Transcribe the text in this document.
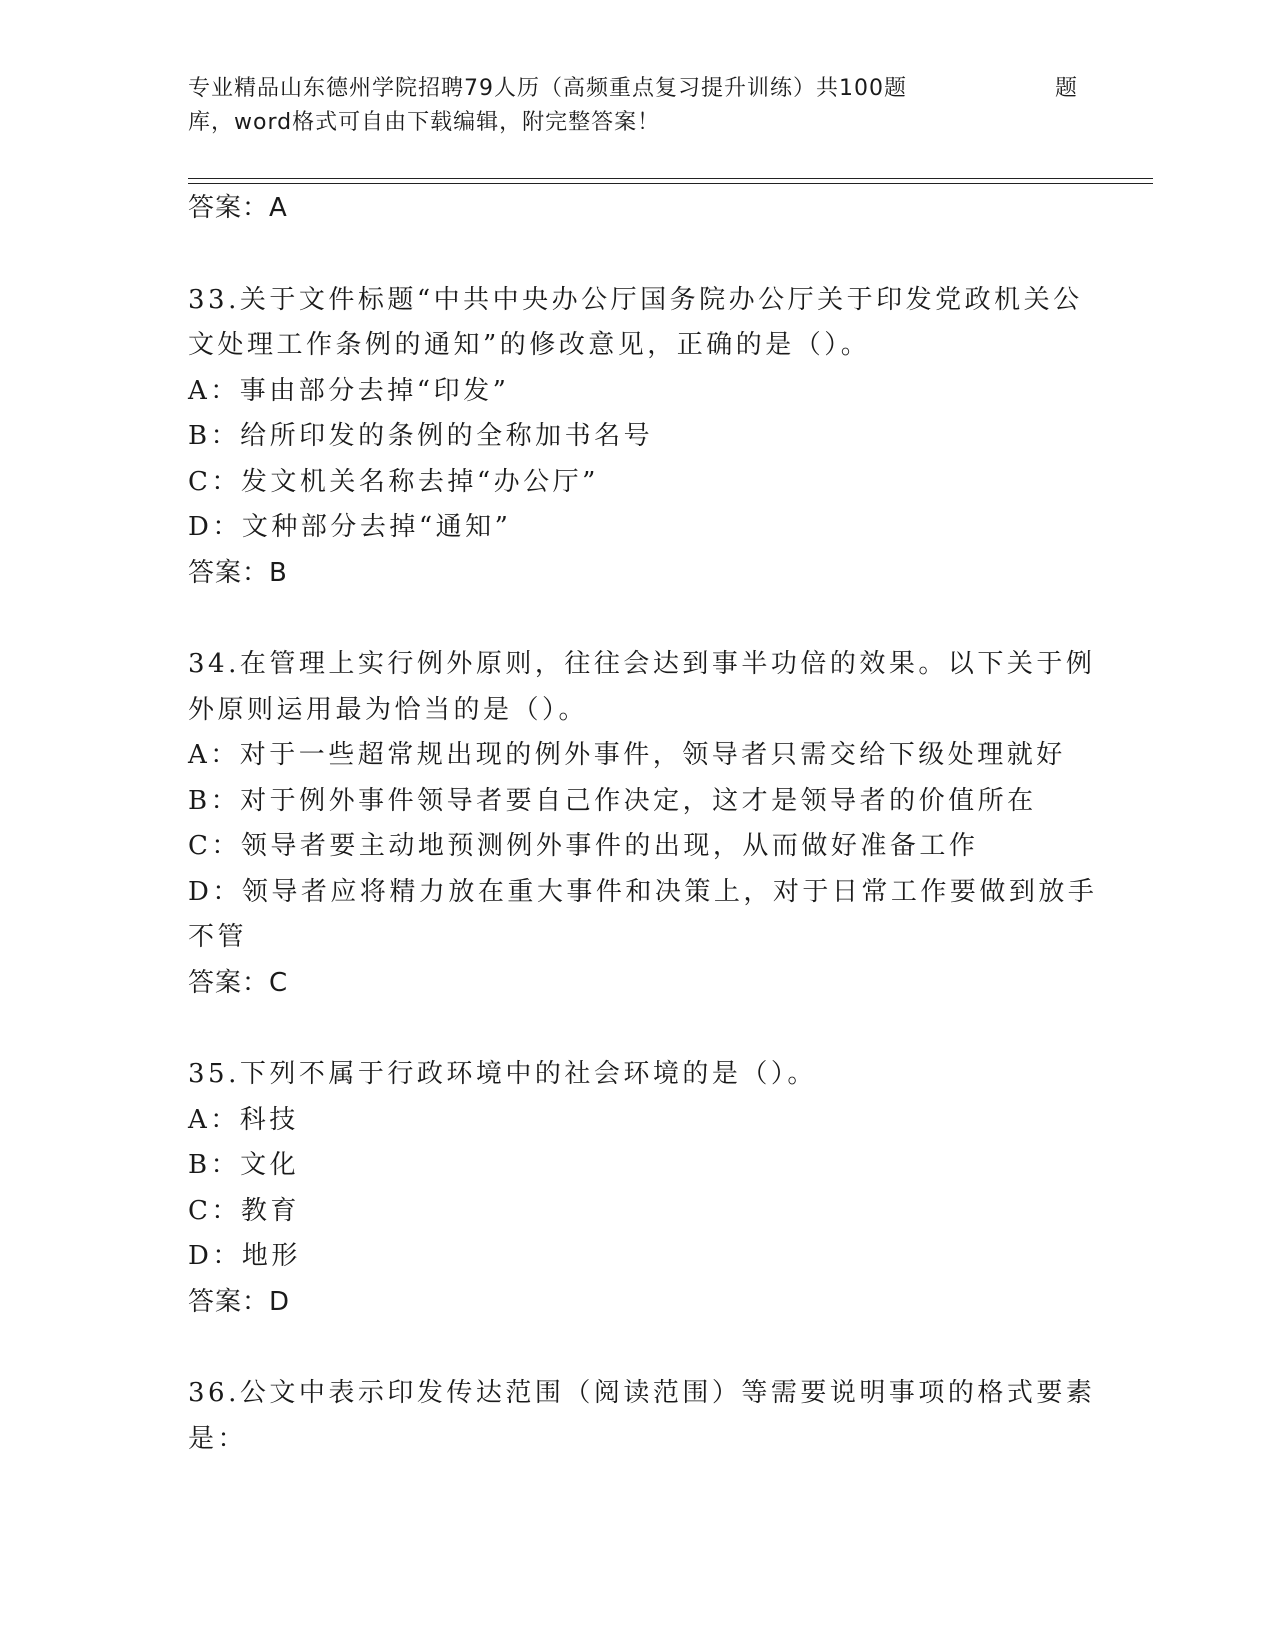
专业精品山东德州学院招聘79人历（高频重点复习提升训练）共100题	题
库，word格式可自由下载编辑，附完整答案！
答案：A
33.关于文件标题“中共中央办公厅国务院办公厅关于印发党政机关公
文处理工作条例的通知”的修改意见，正确的是（）。
A：事由部分去掉“印发”
B：给所印发的条例的全称加书名号
C：发文机关名称去掉“办公厅”
D：文种部分去掉“通知”
答案：B
34.在管理上实行例外原则，往往会达到事半功倍的效果。以下关于例
外原则运用最为恰当的是（）。
A：对于一些超常规出现的例外事件，领导者只需交给下级处理就好
B：对于例外事件领导者要自己作决定，这才是领导者的价值所在
C：领导者要主动地预测例外事件的出现，从而做好准备工作
D：领导者应将精力放在重大事件和决策上，对于日常工作要做到放手
不管
答案：C
35.下列不属于行政环境中的社会环境的是（）。
A：科技
B：文化
C：教育
D：地形
答案：D
36.公文中表示印发传达范围（阅读范围）等需要说明事项的格式要素
是：
